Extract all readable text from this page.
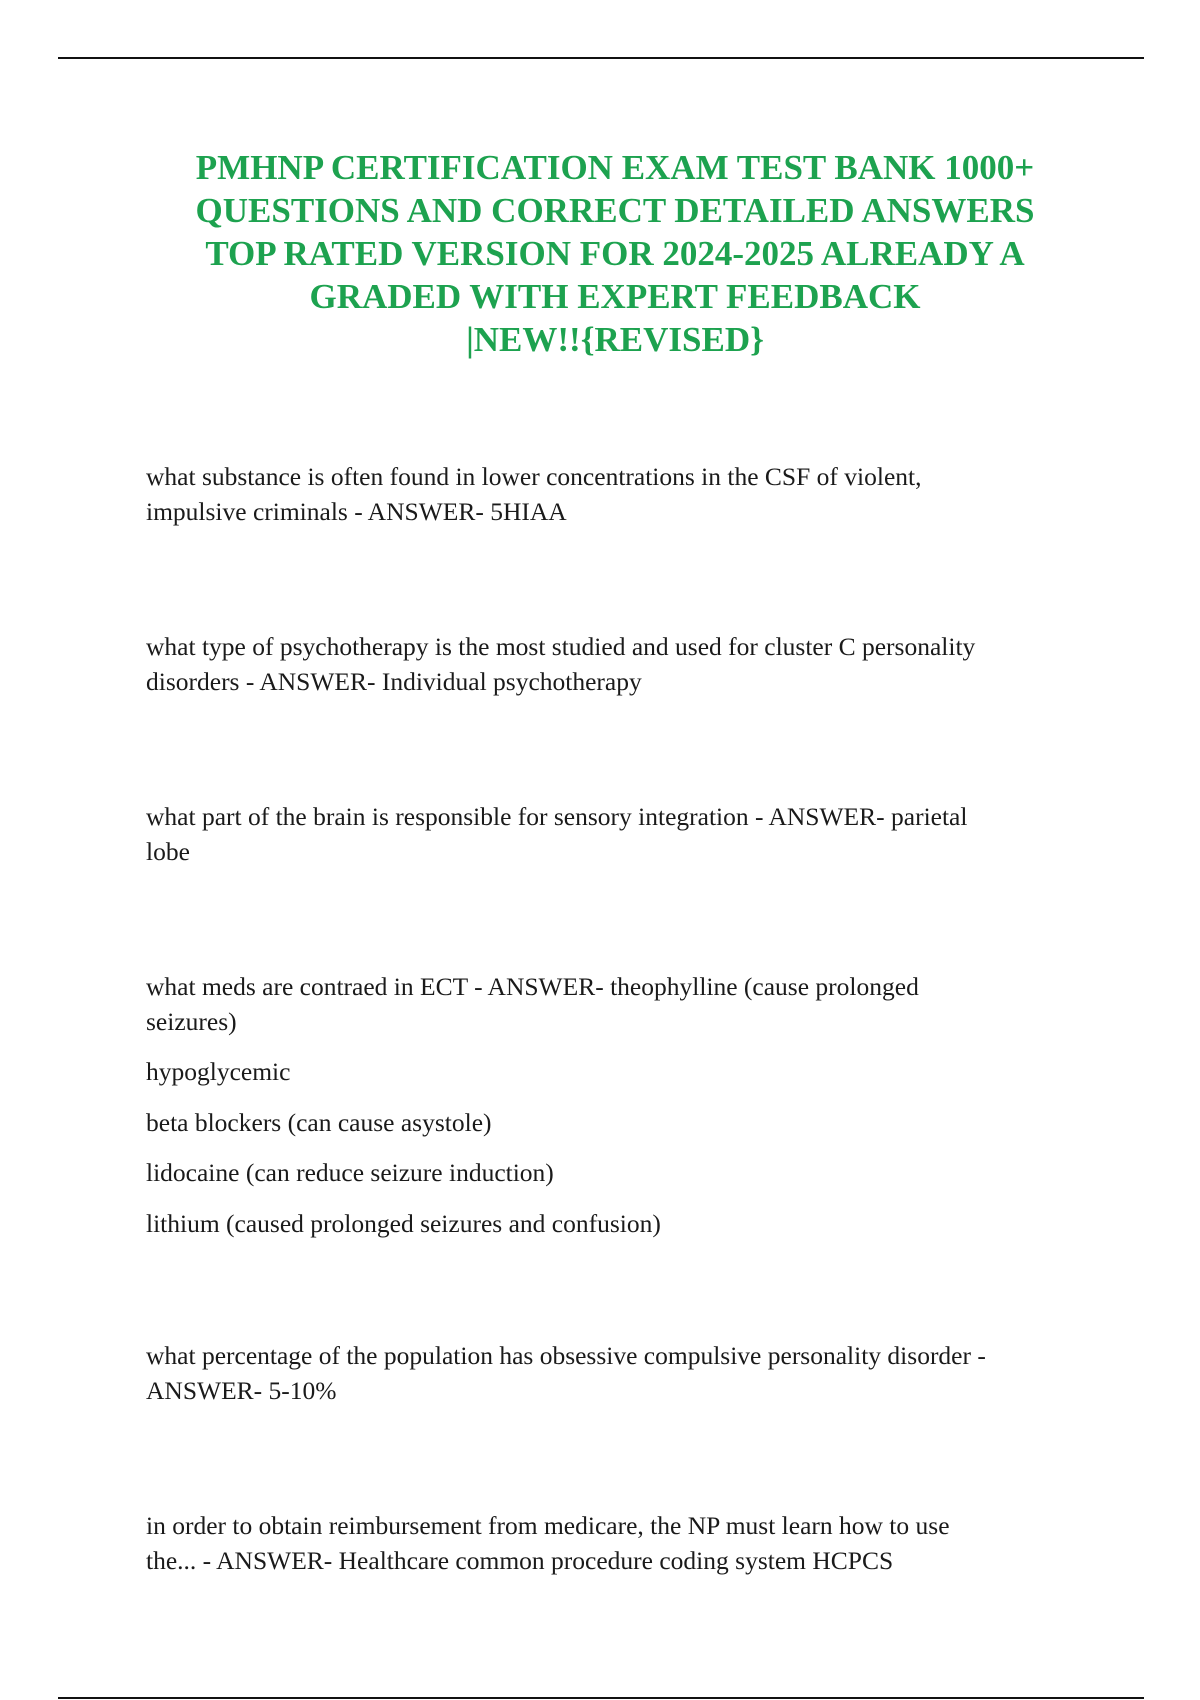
PMHNP CERTIFICATION EXAM TEST BANK 1000+
QUESTIONS AND CORRECT DETAILED ANSWERS
TOP RATED VERSION FOR 2024-2025 ALREADY A
GRADED WITH EXPERT FEEDBACK
|NEW!!{REVISED}

what substance is often found in lower concentrations in the CSF of violent,

impulsive criminals - ANSWER- 5HIAA

what type of psychotherapy is the most studied and used for cluster C personality

disorders - ANSWER- Individual psychotherapy

what part of the brain is responsible for sensory integration - ANSWER- parietal

lobe

what meds are contraed in ECT - ANSWER- theophylline (cause prolonged

seizures)

hypoglycemic

beta blockers (can cause asystole)

lidocaine (can reduce seizure induction)

lithium (caused prolonged seizures and confusion)

what percentage of the population has obsessive compulsive personality disorder -

ANSWER- 5-10%

in order to obtain reimbursement from medicare, the NP must learn how to use

the... - ANSWER- Healthcare common procedure coding system HCPCS
